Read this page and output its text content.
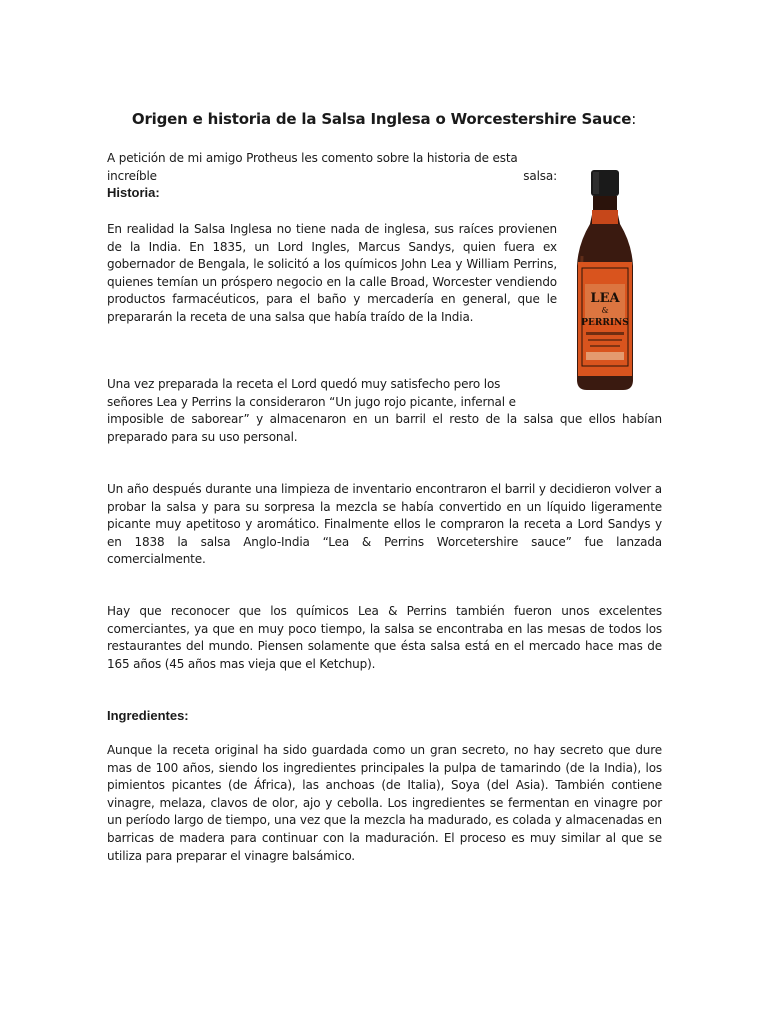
Origen e historia de la Salsa Inglesa o Worcestershire Sauce:
A petición de mi amigo Protheus les comento sobre la historia de esta
increíble	salsa:
Historia:

En realidad la Salsa Inglesa no tiene nada de inglesa, sus raíces provienen de la India. En 1835, un Lord Ingles, Marcus Sandys, quien fuera ex gobernador de Bengala, le solicitó a los químicos John Lea y William Perrins, quienes temían un próspero negocio en la calle Broad, Worcester vendiendo productos farmacéuticos, para el baño y mercadería en general, que le prepararán la receta de una salsa que había traído de la India.

Una vez preparada la receta el Lord quedó muy satisfecho pero los
señores Lea y Perrins la consideraron “Un jugo rojo picante, infernal e

imposible de saborear” y almacenaron en un barril el resto de la salsa que ellos habían preparado para su uso personal.

Un año después durante una limpieza de inventario encontraron el barril y decidieron volver a probar la salsa y para su sorpresa la mezcla se había convertido en un líquido ligeramente picante muy apetitoso y aromático. Finalmente ellos le compraron la receta a Lord Sandys y en 1838 la salsa Anglo-India “Lea & Perrins Worcetershire sauce” fue lanzada comercialmente.

Hay que reconocer que los químicos Lea & Perrins también fueron unos excelentes comerciantes, ya que en muy poco tiempo, la salsa se encontraba en las mesas de todos los restaurantes del mundo. Piensen solamente que ésta salsa está en el mercado hace mas de 165 años (45 años mas vieja que el Ketchup).

Ingredientes:

Aunque la receta original ha sido guardada como un gran secreto, no hay secreto que dure mas de 100 años, siendo los ingredientes principales la pulpa de tamarindo (de la India), los pimientos picantes (de África), las anchoas (de Italia), Soya (del Asia). También contiene vinagre, melaza, clavos de olor, ajo y cebolla. Los ingredientes se fermentan en vinagre por un período largo de tiempo, una vez que la mezcla ha madurado, es colada y almacenadas en barricas de madera para continuar con la maduración. El proceso es muy similar al que se utiliza para preparar el vinagre balsámico.

LEA
&
PERRINS
